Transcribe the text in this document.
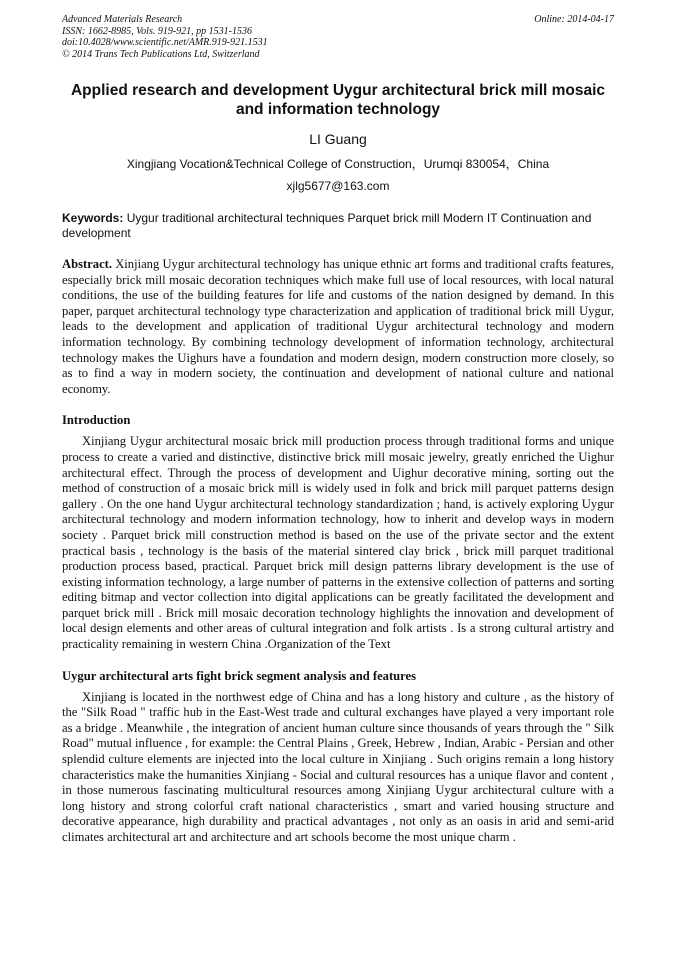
Advanced Materials Research
ISSN: 1662-8985, Vols. 919-921, pp 1531-1536
doi:10.4028/www.scientific.net/AMR.919-921.1531
© 2014 Trans Tech Publications Ltd, Switzerland
Online: 2014-04-17
Applied research and development Uygur architectural brick mill mosaic and information technology
LI Guang
Xingjiang Vocation&Technical College of Construction，Urumqi 830054，China
xjlg5677@163.com
Keywords: Uygur traditional architectural techniques Parquet brick mill Modern IT Continuation and development
Abstract. Xinjiang Uygur architectural technology has unique ethnic art forms and traditional crafts features, especially brick mill mosaic decoration techniques which make full use of local resources, with local natural conditions, the use of the building features for life and customs of the nation designed by demand. In this paper, parquet architectural technology type characterization and application of traditional brick mill Uygur, leads to the development and application of traditional Uygur architectural technology and modern information technology. By combining technology development of information technology, architectural technology makes the Uighurs have a foundation and modern design, modern construction more closely, so as to find a way in modern society, the continuation and development of national culture and national economy.
Introduction
Xinjiang Uygur architectural mosaic brick mill production process through traditional forms and unique process to create a varied and distinctive, distinctive brick mill mosaic jewelry, greatly enriched the Uighur architectural effect. Through the process of development and Uighur decorative mining, sorting out the method of construction of a mosaic brick mill is widely used in folk and brick mill parquet patterns design gallery . On the one hand Uygur architectural technology standardization ; hand, is actively exploring Uygur architectural technology and modern information technology, how to inherit and develop ways in modern society . Parquet brick mill construction method is based on the use of the private sector and the extent practical basis , technology is the basis of the material sintered clay brick , brick mill parquet traditional production process based, practical. Parquet brick mill design patterns library development is the use of existing information technology, a large number of patterns in the extensive collection of patterns and sorting editing bitmap and vector collection into digital applications can be greatly facilitated the development and parquet brick mill . Brick mill mosaic decoration technology highlights the innovation and development of local design elements and other areas of cultural integration and folk artists . Is a strong cultural artistry and practicality remaining in western China .Organization of the Text
Uygur architectural arts fight brick segment analysis and features
Xinjiang is located in the northwest edge of China and has a long history and culture , as the history of the "Silk Road " traffic hub in the East-West trade and cultural exchanges have played a very important role as a bridge . Meanwhile , the integration of ancient human culture since thousands of years through the " Silk Road" mutual influence , for example: the Central Plains , Greek, Hebrew , Indian, Arabic - Persian and other splendid culture elements are injected into the local culture in Xinjiang . Such origins remain a long history characteristics make the humanities Xinjiang - Social and cultural resources has a unique flavor and content , in those numerous fascinating multicultural resources among Xinjiang Uygur architectural culture with a long history and strong colorful craft national characteristics , smart and varied housing structure and decorative appearance, high durability and practical advantages , not only as an oasis in arid and semi-arid climates architectural art and architecture and art schools become the most unique charm .
